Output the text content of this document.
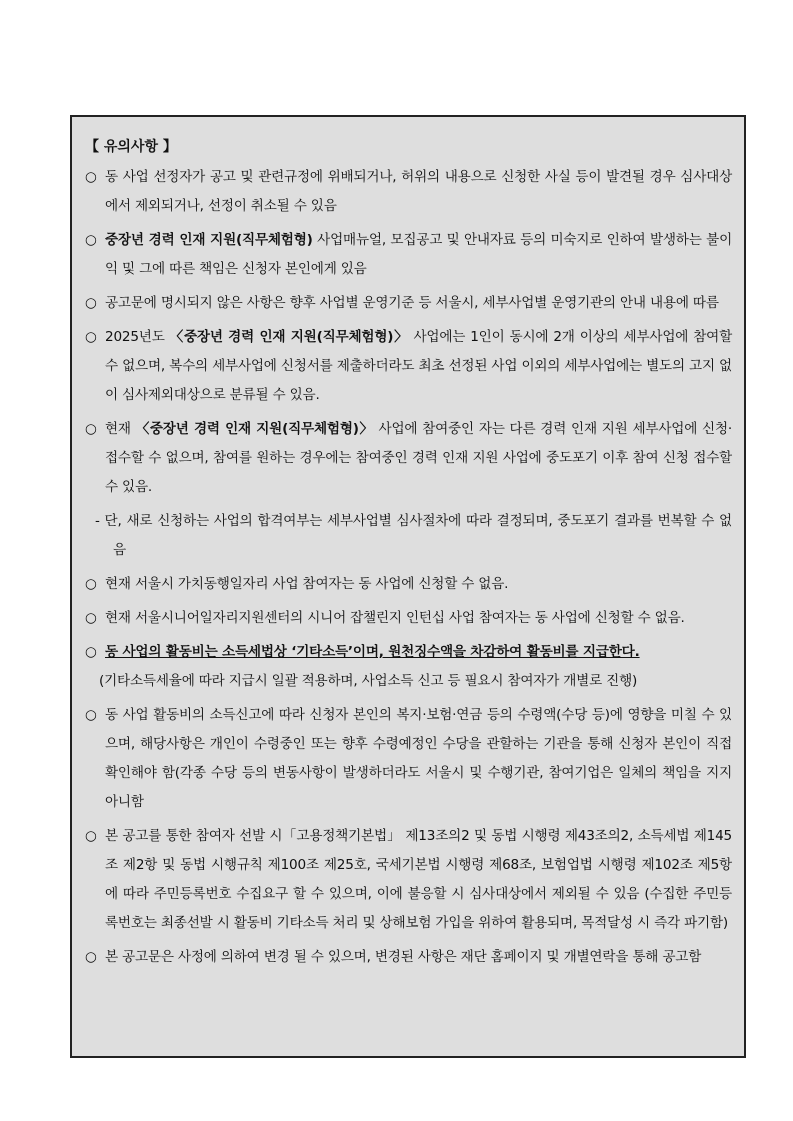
【 유의사항 】
○ 동 사업 선정자가 공고 및 관련규정에 위배되거나, 허위의 내용으로 신청한 사실 등이 발견될 경우 심사대상에서 제외되거나, 선정이 취소될 수 있음
○ 중장년 경력 인재 지원(직무체험형) 사업매뉴얼, 모집공고 및 안내자료 등의 미숙지로 인하여 발생하는 불이익 및 그에 따른 책임은 신청자 본인에게 있음
○ 공고문에 명시되지 않은 사항은 향후 사업별 운영기준 등 서울시, 세부사업별 운영기관의 안내 내용에 따름
○ 2025년도 〈중장년 경력 인재 지원(직무체험형)〉 사업에는 1인이 동시에 2개 이상의 세부사업에 참여할 수 없으며, 복수의 세부사업에 신청서를 제출하더라도 최초 선정된 사업 이외의 세부사업에는 별도의 고지 없이 심사제외대상으로 분류될 수 있음.
○ 현재 〈중장년 경력 인재 지원(직무체험형)〉 사업에 참여중인 자는 다른 경력 인재 지원 세부사업에 신청·접수할 수 없으며, 참여를 원하는 경우에는 참여중인 경력 인재 지원 사업에 중도포기 이후 참여 신청 접수할 수 있음.
- 단, 새로 신청하는 사업의 합격여부는 세부사업별 심사절차에 따라 결정되며, 중도포기 결과를 번복할 수 없음
○ 현재 서울시 가치동행일자리 사업 참여자는 동 사업에 신청할 수 없음.
○ 현재 서울시니어일자리지원센터의 시니어 잡챌린지 인턴십 사업 참여자는 동 사업에 신청할 수 없음.
○ 동 사업의 활동비는 소득세법상 ‘기타소득’이며, 원천징수액을 차감하여 활동비를 지급한다.
(기타소득세율에 따라 지급시 일괄 적용하며, 사업소득 신고 등 필요시 참여자가 개별로 진행)
○ 동 사업 활동비의 소득신고에 따라 신청자 본인의 복지·보험·연금 등의 수령액(수당 등)에 영향을 미칠 수 있으며, 해당사항은 개인이 수령중인 또는 향후 수령예정인 수당을 관할하는 기관을 통해 신청자 본인이 직접 확인해야 함(각종 수당 등의 변동사항이 발생하더라도 서울시 및 수행기관, 참여기업은 일체의 책임을 지지 아니함
○ 본 공고를 통한 참여자 선발 시「고용정책기본법」 제13조의2 및 동법 시행령 제43조의2, 소득세법 제145조 제2항 및 동법 시행규칙 제100조 제25호, 국세기본법 시행령 제68조, 보험업법 시행령 제102조 제5항에 따라 주민등록번호 수집요구 할 수 있으며, 이에 불응할 시 심사대상에서 제외될 수 있음 (수집한 주민등록번호는 최종선발 시 활동비 기타소득 처리 및 상해보험 가입을 위하여 활용되며, 목적달성 시 즉각 파기함)
○ 본 공고문은 사정에 의하여 변경 될 수 있으며, 변경된 사항은 재단 홈페이지 및 개별연락을 통해 공고함
